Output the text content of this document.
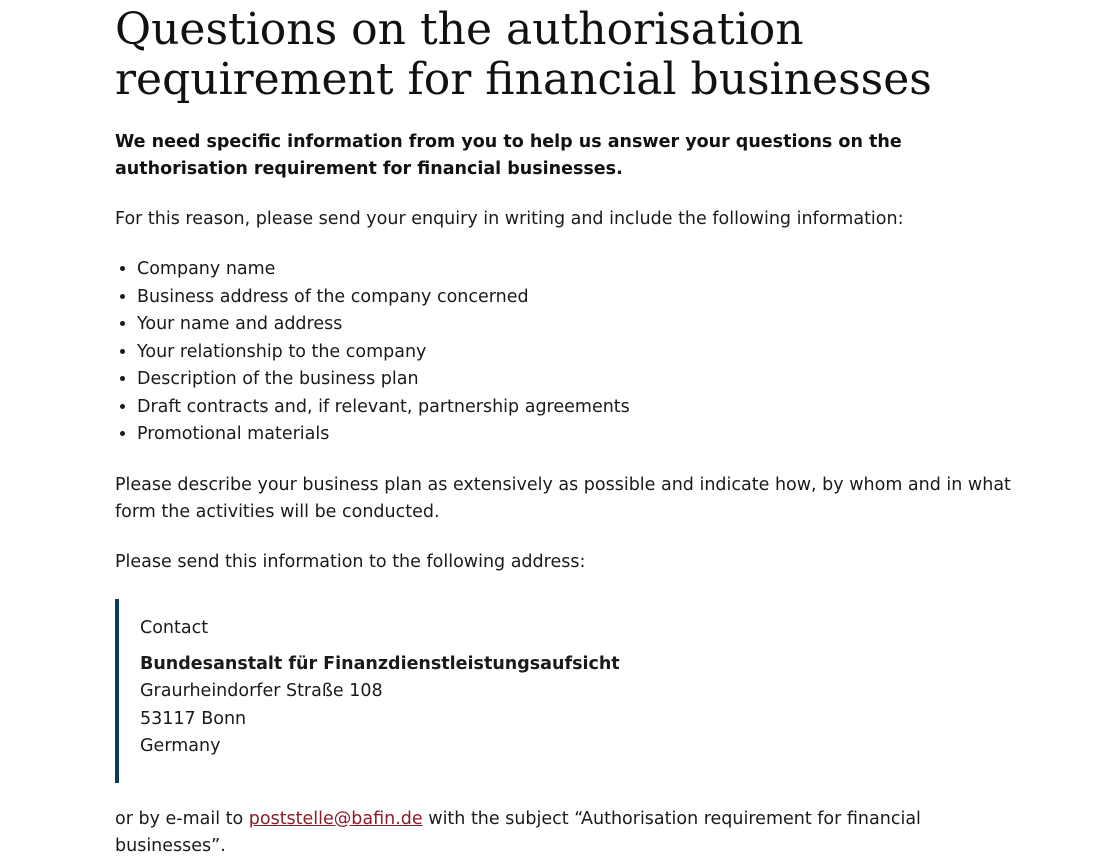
Questions on the authorisation requirement for financial businesses

We need specific information from you to help us answer your questions on the authorisation requirement for financial businesses.

For this reason, please send your enquiry in writing and include the following information:

• Company name
• Business address of the company concerned
• Your name and address
• Your relationship to the company
• Description of the business plan
• Draft contracts and, if relevant, partnership agreements
• Promotional materials

Please describe your business plan as extensively as possible and indicate how, by whom and in what form the activities will be conducted.

Please send this information to the following address:

Contact
Bundesanstalt für Finanzdienstleistungsaufsicht
Graurheindorfer Straße 108
53117 Bonn
Germany

or by e-mail to poststelle@bafin.de with the subject “Authorisation requirement for financial businesses”.
